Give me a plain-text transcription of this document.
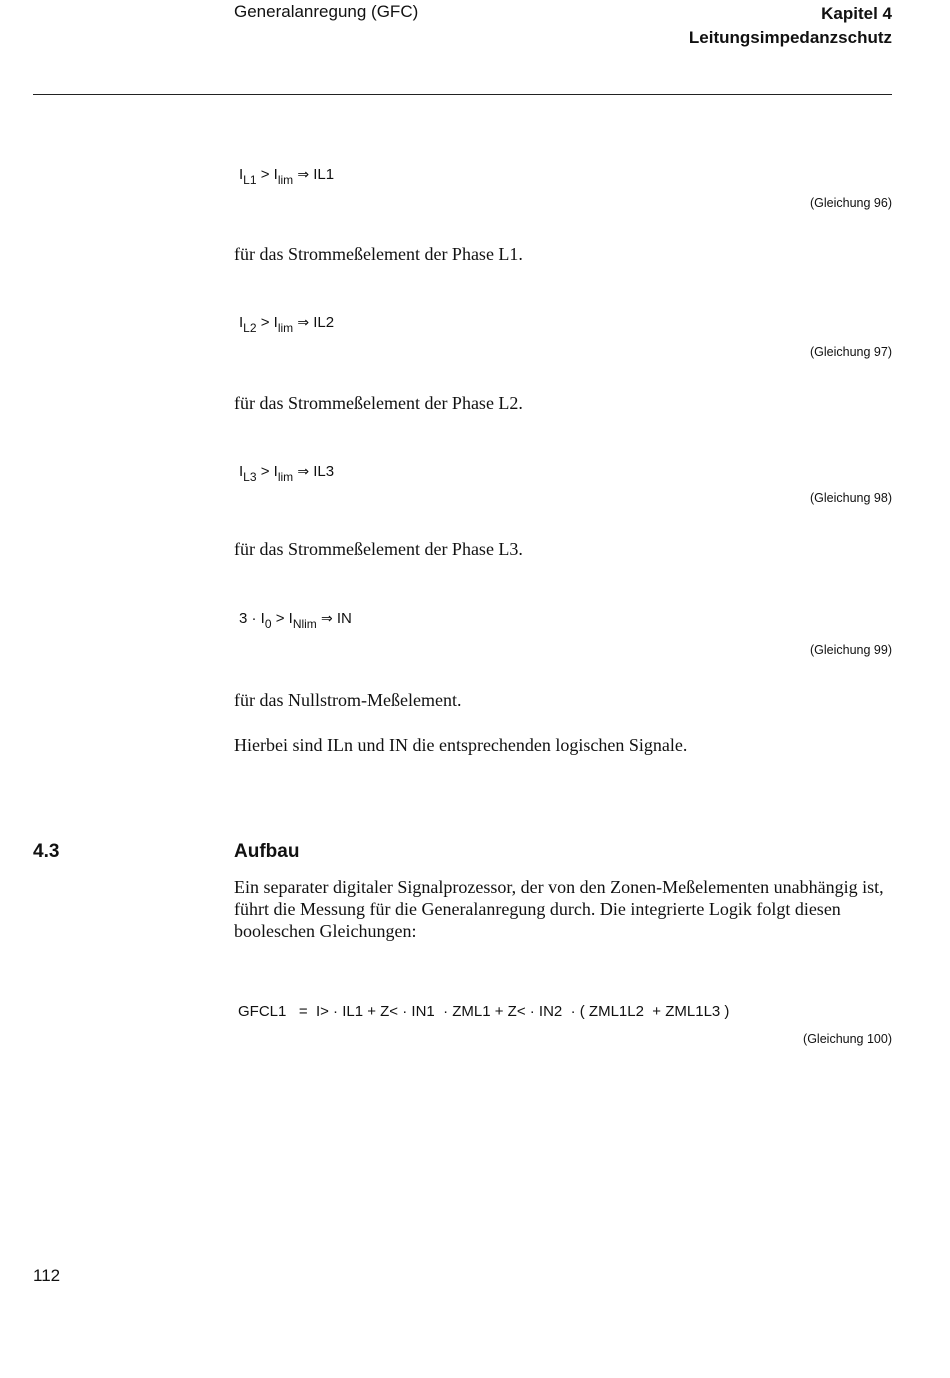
Generalanregung (GFC)	Kapitel 4
Leitungsimpedanzschutz
$I_{L1} > I_{lim}$ ⇒ IL1
(Gleichung 96)
für das Strommeßelement der Phase L1.
$I_{L2} > I_{lim}$ ⇒ IL2
(Gleichung 97)
für das Strommeßelement der Phase L2.
$I_{L3} > I_{lim}$ ⇒ IL3
(Gleichung 98)
für das Strommeßelement der Phase L3.
$3 \cdot I_0 > I_{Nlim}$ ⇒ IN
(Gleichung 99)
für das Nullstrom-Meßelement.
Hierbei sind ILn und IN die entsprechenden logischen Signale.
4.3	Aufbau
Ein separater digitaler Signalprozessor, der von den Zonen-Meßelementen unabhängig ist, führt die Messung für die Generalanregung durch. Die integrierte Logik folgt diesen booleschen Gleichungen:
GFCL1   =  I> · IL1 + Z< · IN1  · ZML1 + Z< · IN2  · ( ZML1L2  + ZML1L3 )
(Gleichung 100)
112
